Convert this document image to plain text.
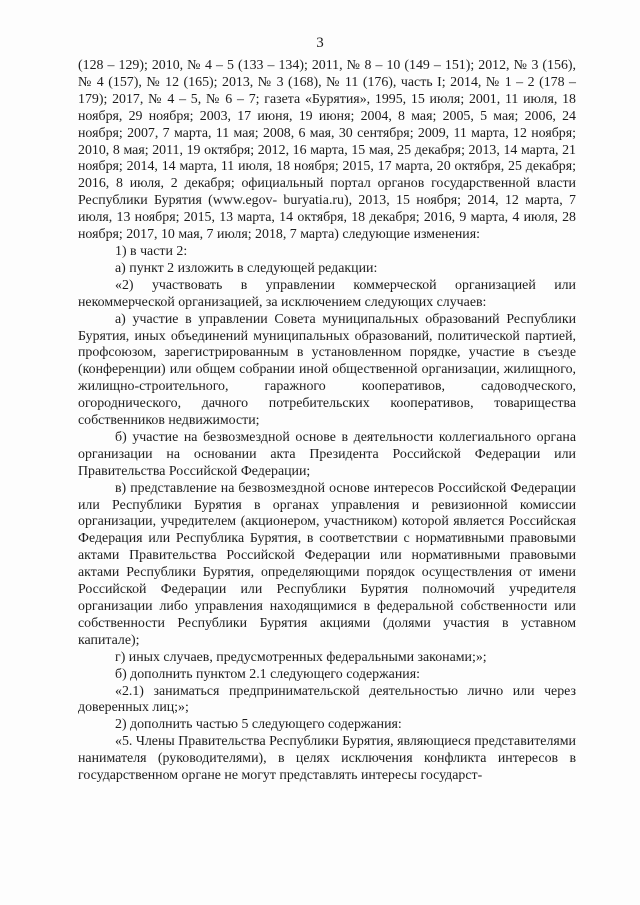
3

(128 – 129); 2010, № 4 – 5 (133 – 134); 2011, № 8 – 10 (149 – 151); 2012, № 3 (156), № 4 (157), № 12 (165); 2013, № 3 (168), № 11 (176), часть I; 2014, № 1 – 2 (178 – 179); 2017, № 4 – 5, № 6 – 7; газета «Бурятия», 1995, 15 июля; 2001, 11 июля, 18 ноября, 29 ноября; 2003, 17 июня, 19 июня; 2004, 8 мая; 2005, 5 мая; 2006, 24 ноября; 2007, 7 марта, 11 мая; 2008, 6 мая, 30 сентября; 2009, 11 марта, 12 ноября; 2010, 8 мая; 2011, 19 октября; 2012, 16 марта, 15 мая, 25 декабря; 2013, 14 марта, 21 ноября; 2014, 14 марта, 11 июля, 18 ноября; 2015, 17 марта, 20 октября, 25 декабря; 2016, 8 июля, 2 декабря; официальный портал органов государственной власти Республики Бурятия (www.egov- buryatia.ru), 2013, 15 ноября; 2014, 12 марта, 7 июля, 13 ноября; 2015, 13 марта, 14 октября, 18 декабря; 2016, 9 марта, 4 июля, 28 ноября; 2017, 10 мая, 7 июля; 2018, 7 марта) следующие изменения:

1) в части 2:

а) пункт 2 изложить в следующей редакции:

«2) участвовать в управлении коммерческой организацией или некоммерческой организацией, за исключением следующих случаев:

а) участие в управлении Совета муниципальных образований Республики Бурятия, иных объединений муниципальных образований, политической партией, профсоюзом, зарегистрированным в установленном порядке, участие в съезде (конференции) или общем собрании иной общественной организации, жилищного, жилищно-строительного, гаражного кооперативов, садоводческого, огороднического, дачного потребительских кооперативов, товарищества собственников недвижимости;

б) участие на безвозмездной основе в деятельности коллегиального органа организации на основании акта Президента Российской Федерации или Правительства Российской Федерации;

в) представление на безвозмездной основе интересов Российской Федерации или Республики Бурятия в органах управления и ревизионной комиссии организации, учредителем (акционером, участником) которой является Российская Федерация или Республика Бурятия, в соответствии с нормативными правовыми актами Правительства Российской Федерации или нормативными правовыми актами Республики Бурятия, определяющими порядок осуществления от имени Российской Федерации или Республики Бурятия полномочий учредителя организации либо управления находящимися в федеральной собственности или собственности Республики Бурятия акциями (долями участия в уставном капитале);

г) иных случаев, предусмотренных федеральными законами;»;

б) дополнить пунктом 2.1 следующего содержания:

«2.1) заниматься предпринимательской деятельностью лично или через доверенных лиц;»;

2) дополнить частью 5 следующего содержания:

«5. Члены Правительства Республики Бурятия, являющиеся представителями нанимателя (руководителями), в целях исключения конфликта интересов в государственном органе не могут представлять интересы государст-
